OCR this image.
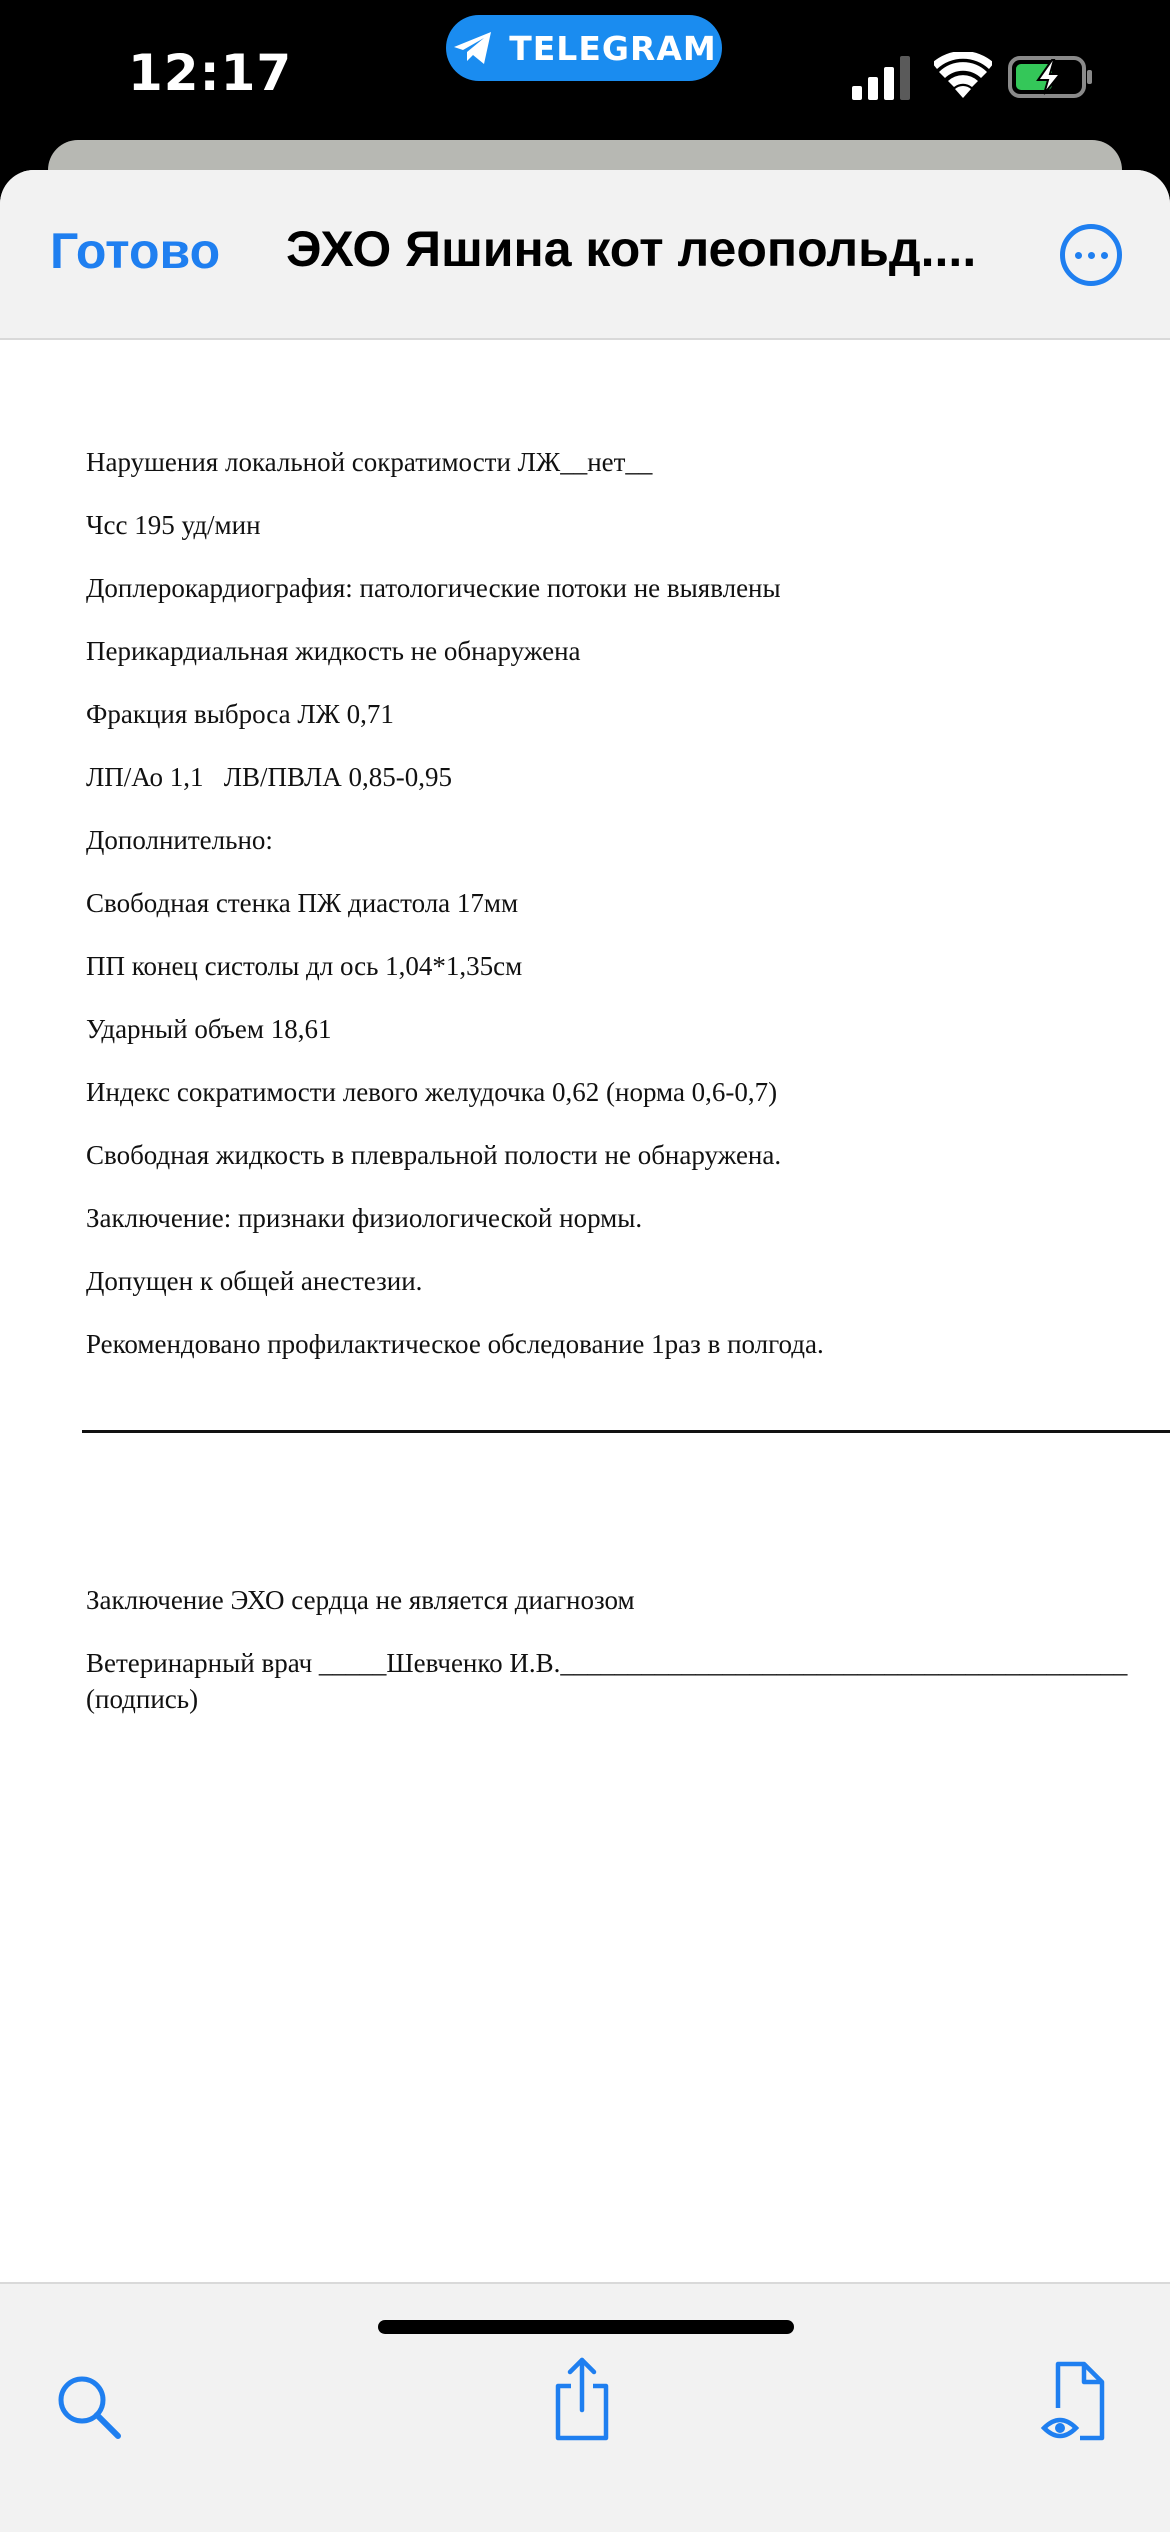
12:17	TELEGRAM
Готово ЭХО Яшина кот леопольд....
Нарушения локальной сократимости ЛЖ__нет__
Чсс 195 уд/мин
Доплерокардиография: патологические потоки не выявлены
Перикардиальная жидкость не обнаружена
Фракция выброса ЛЖ 0,71
ЛП/Ао 1,1   ЛВ/ПВЛА 0,85-0,95
Дополнительно:
Свободная стенка ПЖ диастола 17мм
ПП конец систолы дл ось 1,04*1,35см
Ударный объем 18,61
Индекс сократимости левого желудочка 0,62 (норма 0,6-0,7)
Свободная жидкость в плевральной полости не обнаружена.
Заключение: признаки физиологической нормы.
Допущен к общей анестезии.
Рекомендовано профилактическое обследование 1раз в полгода.
Заключение ЭХО сердца не является диагнозом
Ветеринарный врач _____Шевченко И.В.__________________________________________
(подпись)
